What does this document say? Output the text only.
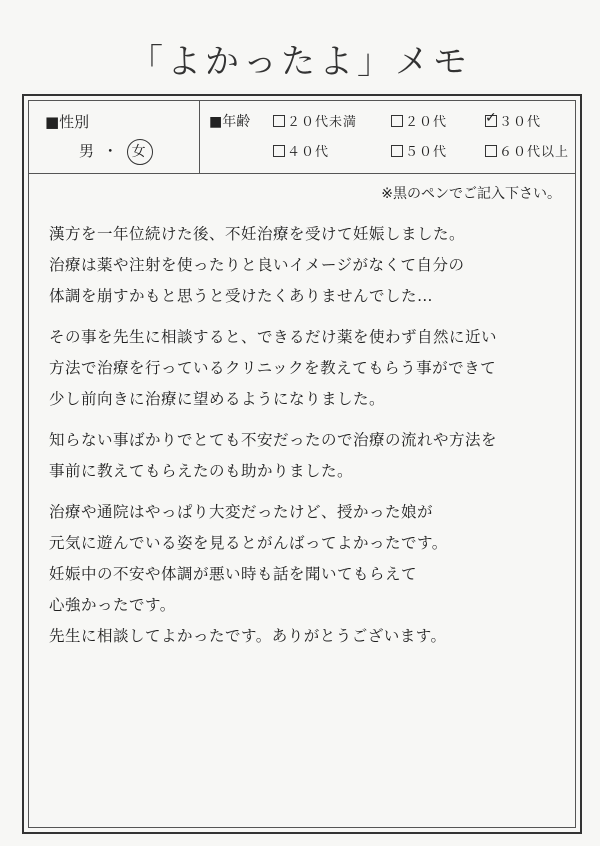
「よかったよ」メモ
■性別
男 ・ 女
■年齢	２０代未満	２０代
✓	３０代
４０代	５０代	６０代以上
※黒のペンでご記入下さい。
漢方を一年位続けた後、不妊治療を受けて妊娠しました。
治療は薬や注射を使ったりと良いイメージがなくて自分の
体調を崩すかもと思うと受けたくありませんでした…
その事を先生に相談すると、できるだけ薬を使わず自然に近い
方法で治療を行っているクリニックを教えてもらう事ができて
少し前向きに治療に望めるようになりました。
知らない事ばかりでとても不安だったので治療の流れや方法を
事前に教えてもらえたのも助かりました。
治療や通院はやっぱり大変だったけど、授かった娘が
元気に遊んでいる姿を見るとがんばってよかったです。
妊娠中の不安や体調が悪い時も話を聞いてもらえて
心強かったです。
先生に相談してよかったです。ありがとうございます。
